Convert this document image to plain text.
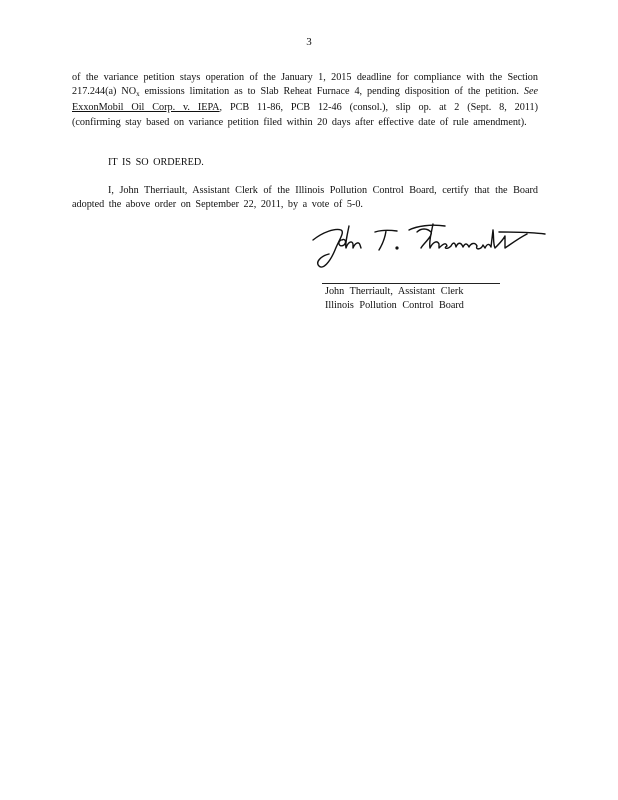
3

of the variance petition stays operation of the January 1, 2015 deadline for compliance with the Section 217.244(a) $NO_x$ emissions limitation as to Slab Reheat Furnace 4, pending disposition of the petition. See ExxonMobil Oil Corp. v. IEPA, PCB 11-86, PCB 12-46 (consol.), slip op. at 2 (Sept. 8, 2011) (confirming stay based on variance petition filed within 20 days after effective date of rule amendment).

IT IS SO ORDERED.

I, John Therriault, Assistant Clerk of the Illinois Pollution Control Board, certify that the Board adopted the above order on September 22, 2011, by a vote of 5-0.

John Therriault, Assistant Clerk
Illinois Pollution Control Board
